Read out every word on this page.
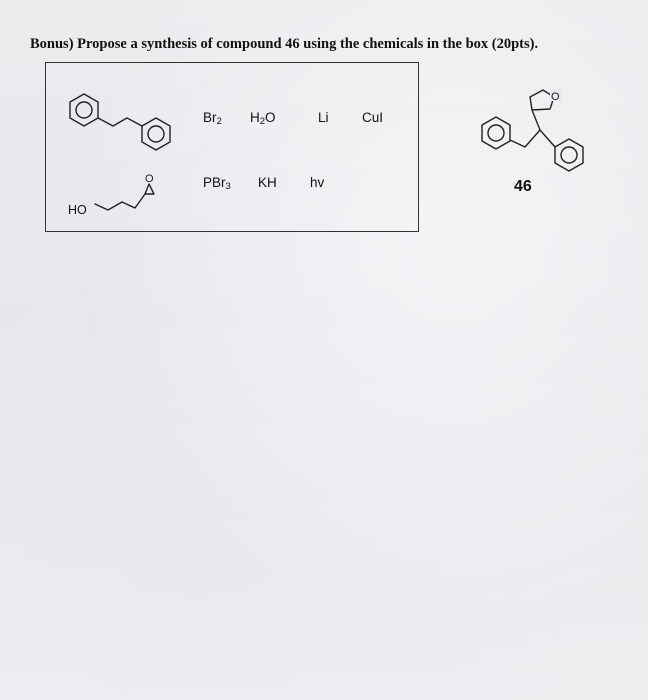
Bonus) Propose a synthesis of compound 46 using the chemicals in the box (20pts).
O
HO
$Br_2$ $H_2O$	Li CuI
PBr$_3$ KH hv
O
46
